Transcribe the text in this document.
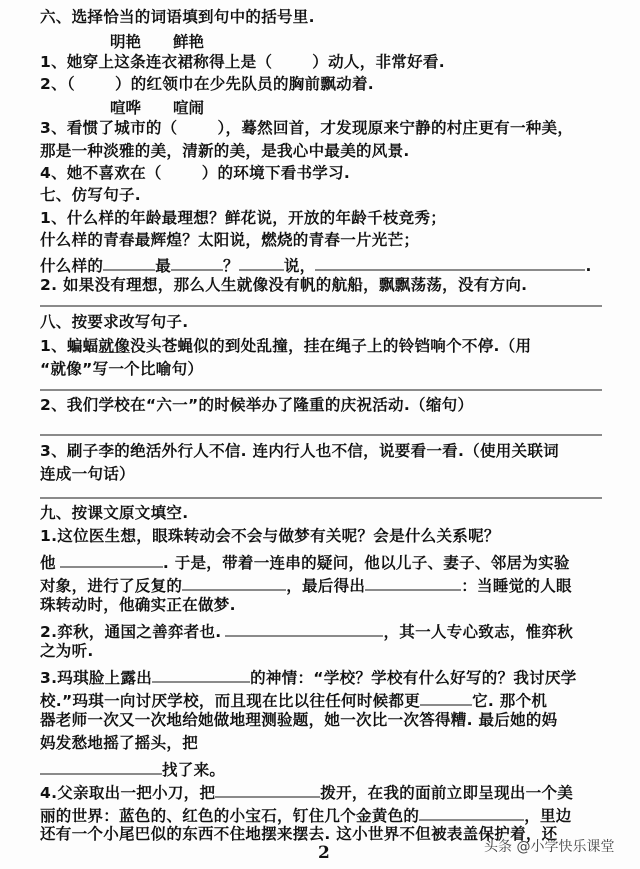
六、选择恰当的词语填到句中的括号里.
明艳 鲜艳
1、她穿上这条连衣裙称得上是（	）动人，非常好看.
2、（	）的红领巾在少先队员的胸前飘动着.
喧哗 喧闹
3、看惯了城市的（	），蓦然回首，才发现原来宁静的村庄更有一种美，
那是一种淡雅的美，清新的美，是我心中最美的风景.
4、她不喜欢在（	）的环境下看书学习.
七、仿写句子.
1、什么样的年龄最理想？鲜花说，开放的年龄千枝竞秀；
什么样的青春最辉煌？太阳说，燃烧的青春一片光芒；
什么样的	最	？	说，	.
2. 如果没有理想，那么人生就像没有帆的航船，飘飘荡荡，没有方向.
八、按要求改写句子.
1、蝙蝠就像没头苍蝇似的到处乱撞，挂在绳子上的铃铛响个不停.（用
“就像”写一个比喻句）
2、我们学校在“六一”的时候举办了隆重的庆祝活动.（缩句）
3、刷子李的绝活外行人不信. 连内行人也不信，说要看一看.（使用关联词
连成一句话）
九、按课文原文填空.
1.这位医生想，眼珠转动会不会与做梦有关呢？会是什么关系呢？
他	. 于是，带着一连串的疑问，他以儿子、妻子、邻居为实验
对象，进行了反复的	，最后得出	：当睡觉的人眼
珠转动时，他确实正在做梦.
2.弈秋，通国之善弈者也.	，其一人专心致志，惟弈秋
之为听.
3.玛琪脸上露出	的神情：“学校？学校有什么好写的？我讨厌学
校.”玛琪一向讨厌学校，而且现在比以往任何时候都更	它. 那个机
器老师一次又一次地给她做地理测验题，她一次比一次答得糟. 最后她的妈
妈发愁地摇了摇头，把
找了来。
4.父亲取出一把小刀，把	拨开，在我的面前立即呈现出一个美
丽的世界：蓝色的、红色的小宝石，钉住几个金黄色的	，里边
还有一个小尾巴似的东西不住地摆来摆去. 这小世界不但被表盖保护着，还
2	头条 @小学快乐课堂
